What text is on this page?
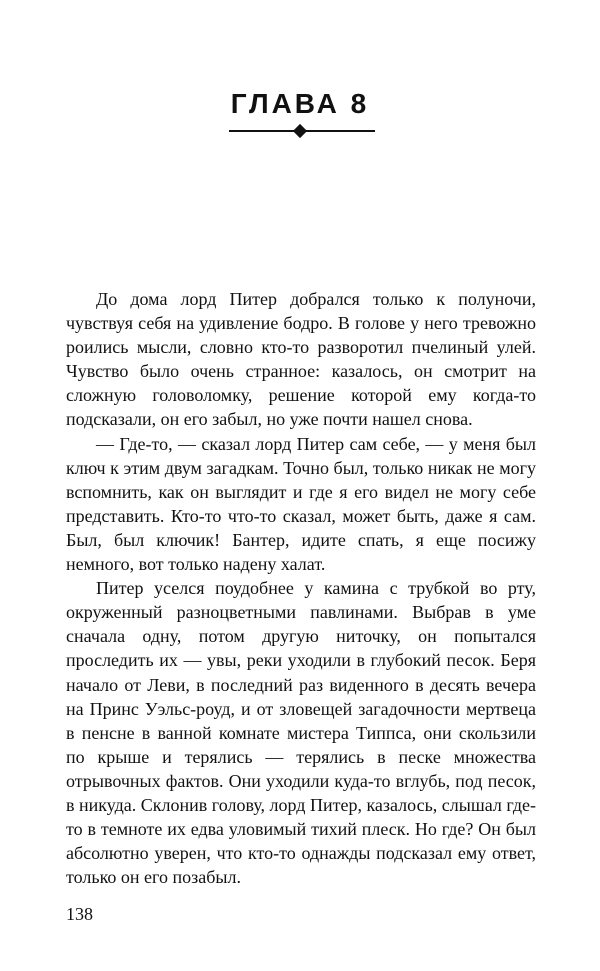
ГЛАВА 8

До дома лорд Питер добрался только к полуночи, чувствуя себя на удивление бодро. В голове у него тревожно роились мысли, словно кто-то разворотил пчелиный улей. Чувство было очень странное: казалось, он смотрит на сложную головоломку, решение которой ему когда-то подсказали, он его забыл, но уже почти нашел снова.

— Где-то, — сказал лорд Питер сам себе, — у меня был ключ к этим двум загадкам. Точно был, только никак не могу вспомнить, как он выглядит и где я его видел не могу себе представить. Кто-то что-то сказал, может быть, даже я сам. Был, был ключик! Бантер, идите спать, я еще посижу немного, вот только надену халат.

Питер уселся поудобнее у камина с трубкой во рту, окруженный разноцветными павлинами. Выбрав в уме сначала одну, потом другую ниточку, он попытался проследить их — увы, реки уходили в глубокий песок. Беря начало от Леви, в последний раз виденного в десять вечера на Принс Уэльс-роуд, и от зловещей загадочности мертвеца в пенсне в ванной комнате мистера Типпса, они скользили по крыше и терялись — терялись в песке множества отрывочных фактов. Они уходили куда-то вглубь, под песок, в никуда. Склонив голову, лорд Питер, казалось, слышал где-то в темноте их едва уловимый тихий плеск. Но где? Он был абсолютно уверен, что кто-то однажды подсказал ему ответ, только он его позабыл.

138
